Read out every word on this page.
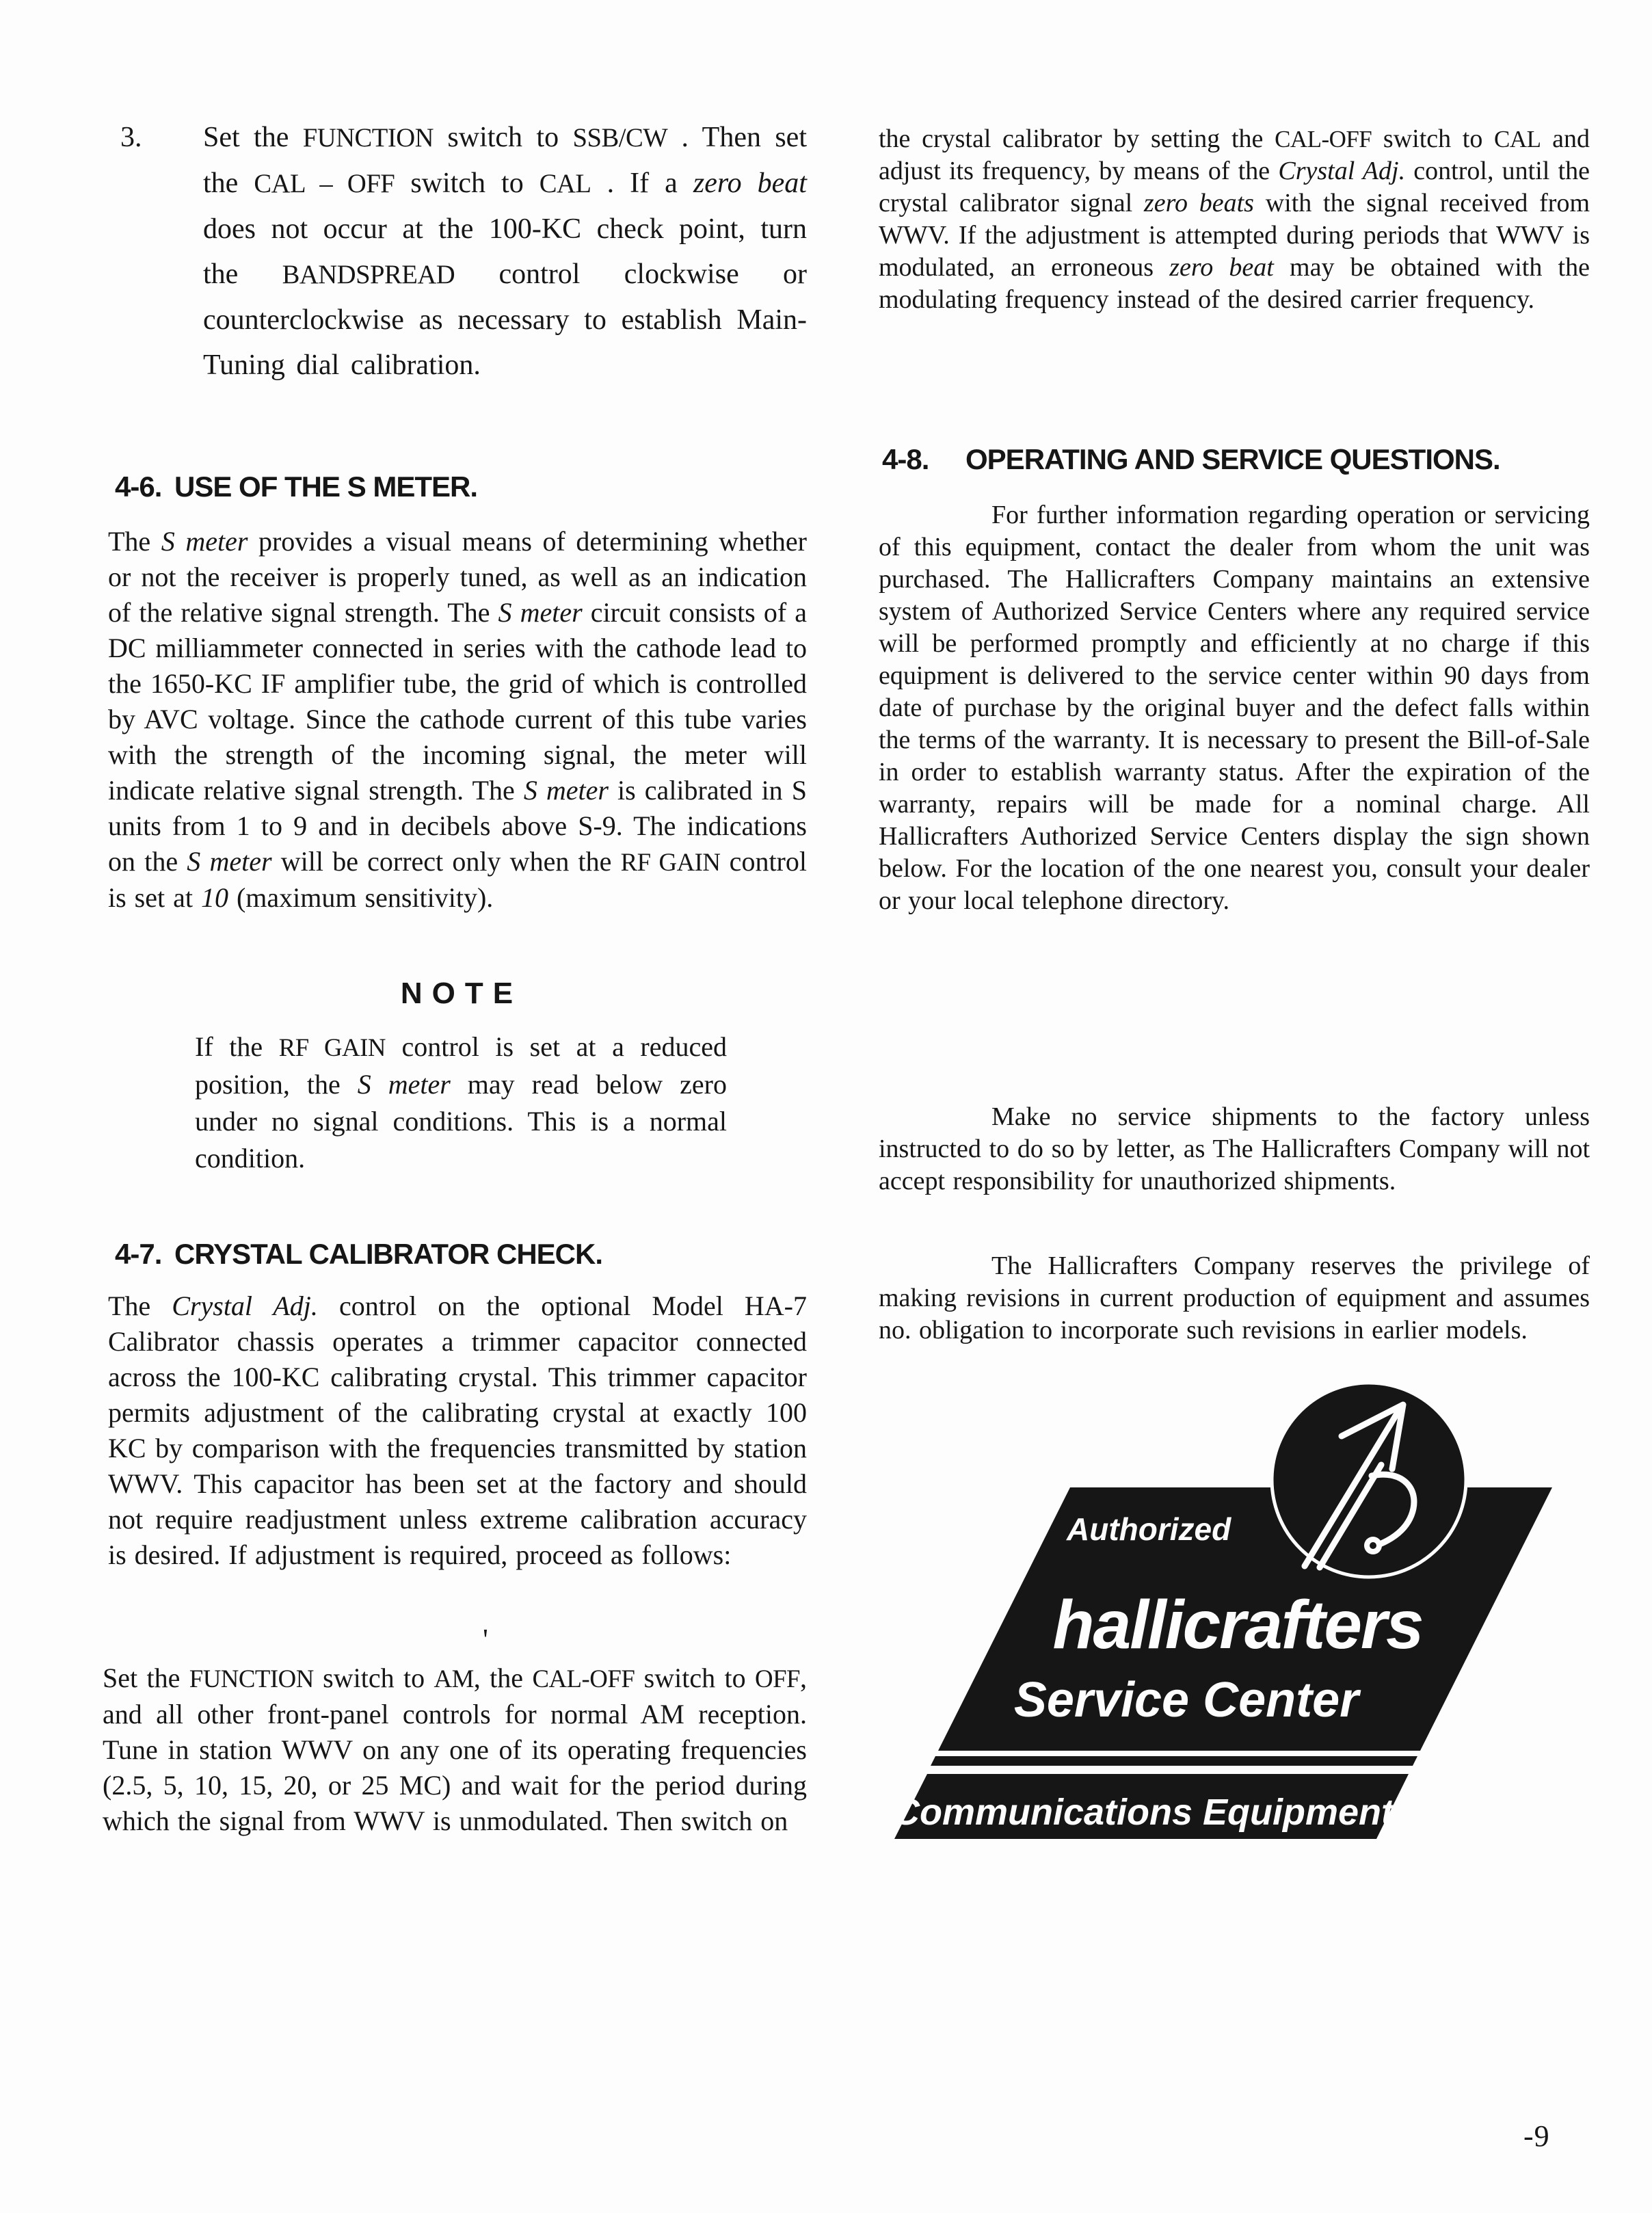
3.	Set the FUNCTION switch to SSB/CW . Then set the CAL – OFF switch to CAL . If a zero beat does not occur at the 100-KC check point, turn the BANDSPREAD control clockwise or counterclockwise as necessary to establish Main-Tuning dial calibration.
4-6. USE OF THE S METER.
The S meter provides a visual means of determining whether or not the receiver is properly tuned, as well as an indication of the relative signal strength. The S meter circuit consists of a DC milliammeter connected in series with the cathode lead to the 1650-KC IF amplifier tube, the grid of which is controlled by AVC voltage. Since the cathode current of this tube varies with the strength of the incoming signal, the meter will indicate relative signal strength. The S meter is calibrated in S units from 1 to 9 and in decibels above S-9. The indications on the S meter will be correct only when the RF GAIN control is set at 10 (maximum sensitivity).
NOTE
If the RF GAIN control is set at a reduced position, the S meter may read below zero under no signal conditions. This is a normal condition.
4-7. CRYSTAL CALIBRATOR CHECK.
The Crystal Adj. control on the optional Model HA-7 Calibrator chassis operates a trimmer capacitor connected across the 100-KC calibrating crystal. This trimmer capacitor permits adjustment of the calibrating crystal at exactly 100 KC by comparison with the frequencies transmitted by station WWV. This capacitor has been set at the factory and should not require readjustment unless extreme calibration accuracy is desired. If adjustment is required, proceed as follows:
'
Set the FUNCTION switch to AM, the CAL-OFF switch to OFF, and all other front-panel controls for normal AM reception. Tune in station WWV on any one of its operating frequencies (2.5, 5, 10, 15, 20, or 25 MC) and wait for the period during which the signal from WWV is unmodulated. Then switch on
the crystal calibrator by setting the CAL-OFF switch to CAL and adjust its frequency, by means of the Crystal Adj. control, until the crystal calibrator signal zero beats with the signal received from WWV. If the adjustment is attempted during periods that WWV is modulated, an erroneous zero beat may be obtained with the modulating frequency instead of the desired carrier frequency.
4-8. OPERATING AND SERVICE QUESTIONS.
For further information regarding operation or servicing of this equipment, contact the dealer from whom the unit was purchased. The Hallicrafters Company maintains an extensive system of Authorized Service Centers where any required service will be performed promptly and efficiently at no charge if this equipment is delivered to the service center within 90 days from date of purchase by the original buyer and the defect falls within the terms of the warranty. It is necessary to present the Bill-of-Sale in order to establish warranty status. After the expiration of the warranty, repairs will be made for a nominal charge. All Hallicrafters Authorized Service Centers display the sign shown below. For the location of the one nearest you, consult your dealer or your local telephone directory.
Make no service shipments to the factory unless instructed to do so by letter, as The Hallicrafters Company will not accept responsibility for unauthorized shipments.
The Hallicrafters Company reserves the privilege of making revisions in current production of equipment and assumes no. obligation to incorporate such revisions in earlier models.
Authorized
hallicrafters
Service Center
Communications Equipment
-9
